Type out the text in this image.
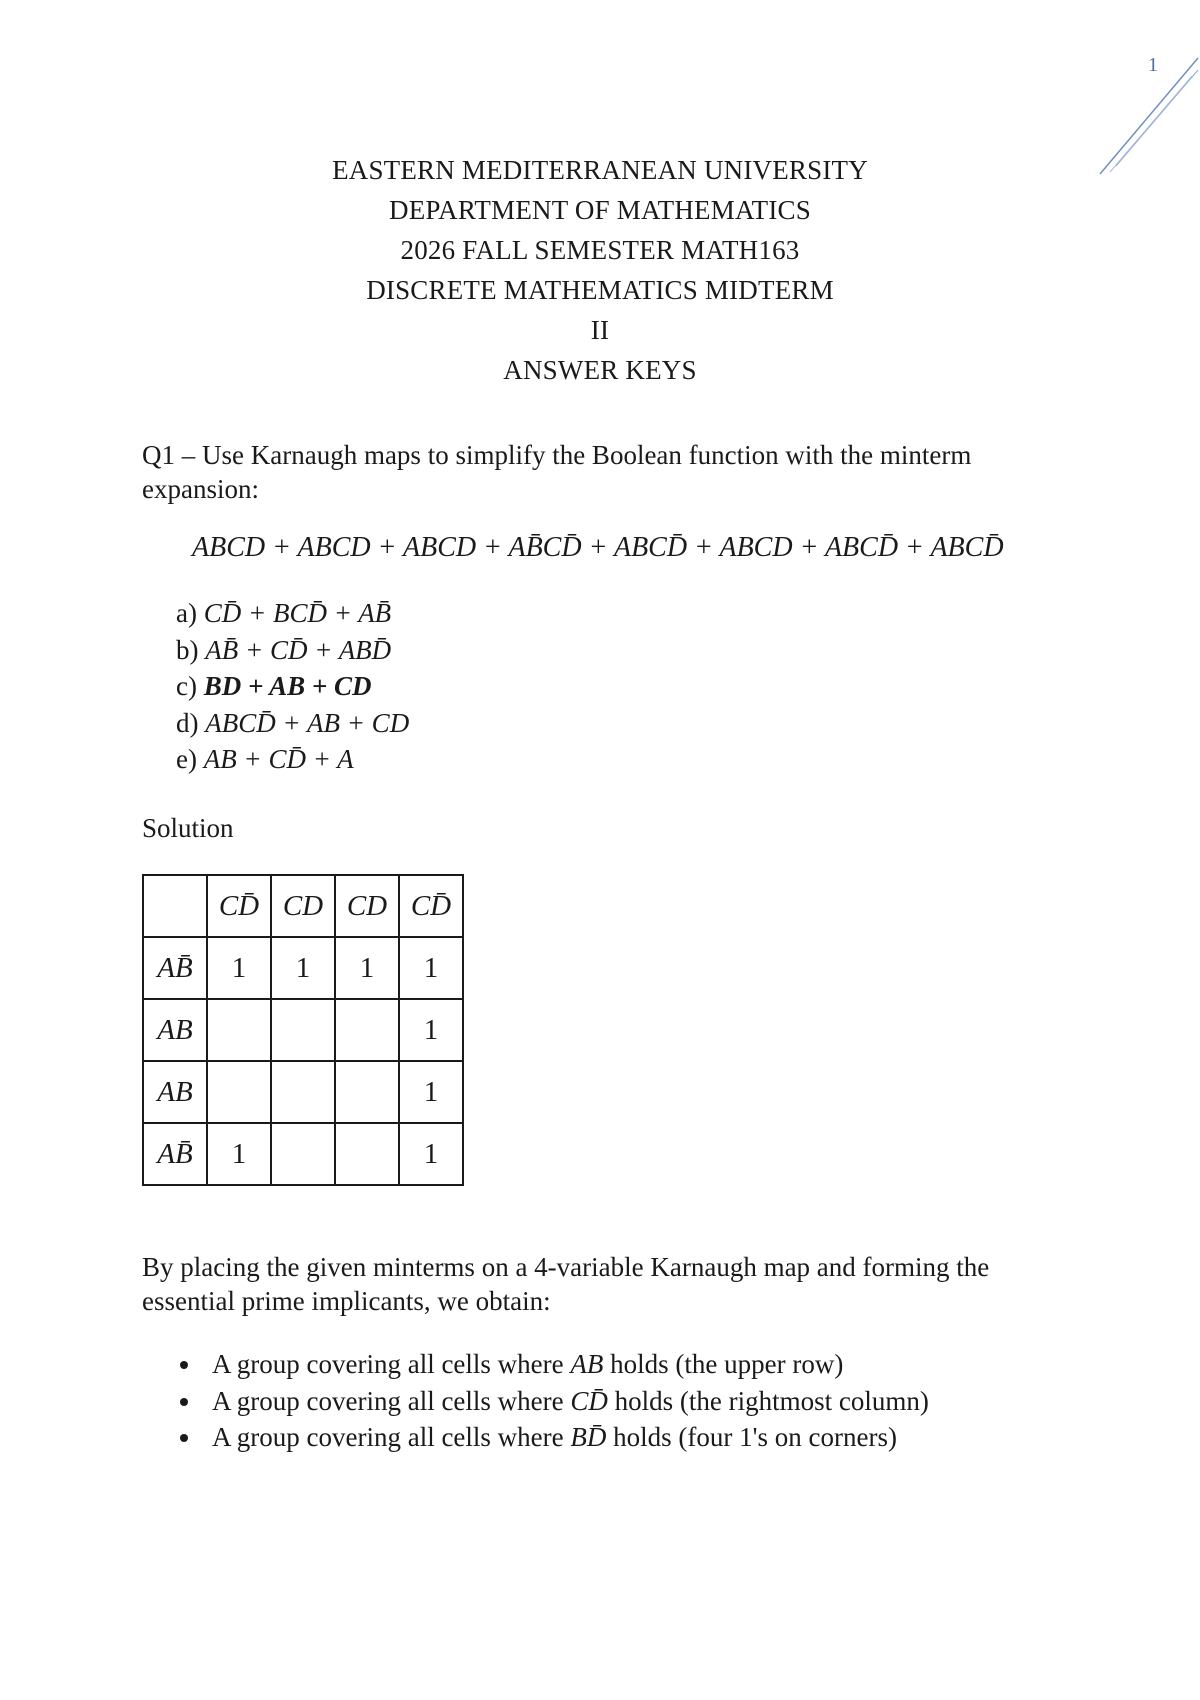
1
EASTERN MEDITERRANEAN UNIVERSITY
DEPARTMENT OF MATHEMATICS
2026 FALL SEMESTER MATH163
DISCRETE MATHEMATICS MIDTERM
II
ANSWER KEYS
Q1 – Use Karnaugh maps to simplify the Boolean function with the minterm expansion:
ABCD + ABCD + ABCD + AB̄CD̄ + ABCD̄ + ABCD + ABCD̄ + ABCD̄
a) CD̄ + BCD̄ + AB̄
b) AB̄ + CD̄ + ABD̄
c) BD + AB + CD
d) ABCD̄ + AB + CD
e) AB + CD̄ + A
Solution
	CD̄	CD	CD	CD̄
AB̄	1	1	1	1
AB				1
AB				1
AB̄	1			1
By placing the given minterms on a 4-variable Karnaugh map and forming the essential prime implicants, we obtain:
A group covering all cells where AB holds (the upper row)
A group covering all cells where CD̄ holds (the rightmost column)
A group covering all cells where BD̄ holds (four 1's on corners)
